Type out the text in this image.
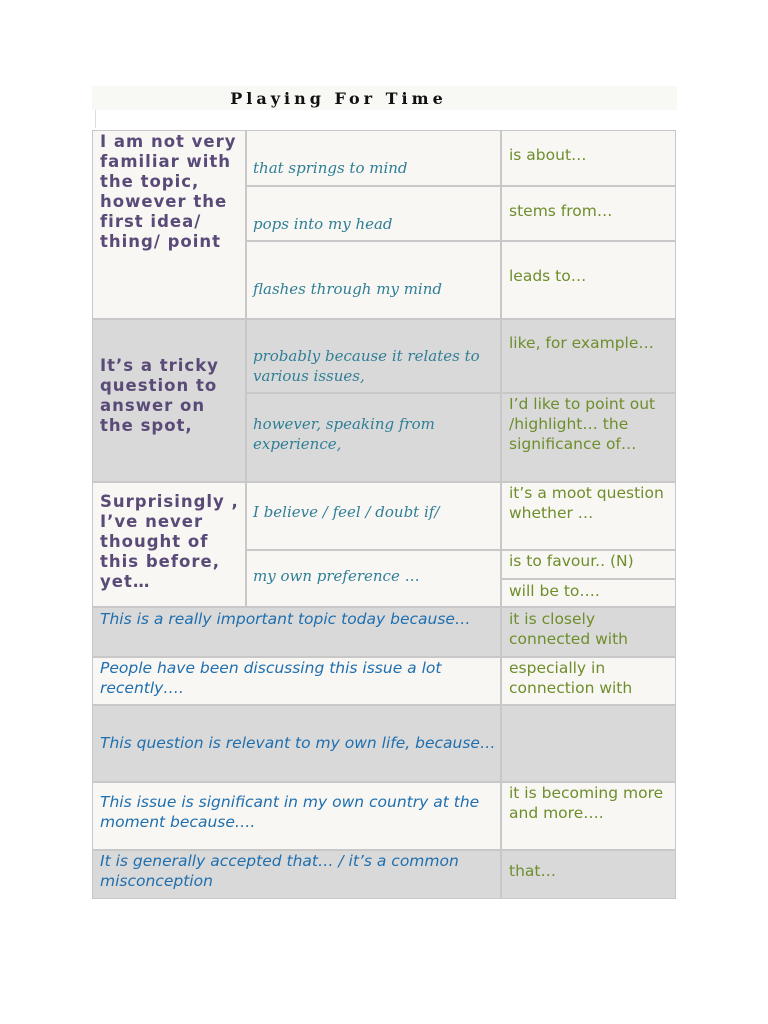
Playing For Time
I am not very familiar with the topic, however the first idea/ thing/ point
that springs to mind
pops into my head
flashes through my mind
is about…
stems from…
leads to…
It’s a tricky question to answer on the spot,
probably because it relates to various issues,
however, speaking from experience,
like, for example…
I’d like to point out /highlight… the significance of…
Surprisingly , I’ve never thought of this before, yet…
I believe / feel / doubt if/
my own preference …
it’s a moot question whether …
is to favour.. (N)
will be to….
This is a really important topic today because…	it is closely connected with
People have been discussing this issue a lot recently….
especially in connection with
This question is relevant to my own life, because…
This issue is significant in my own country at the moment because….
it is becoming more and more….
It is generally accepted that… / it’s a common misconception
that…
